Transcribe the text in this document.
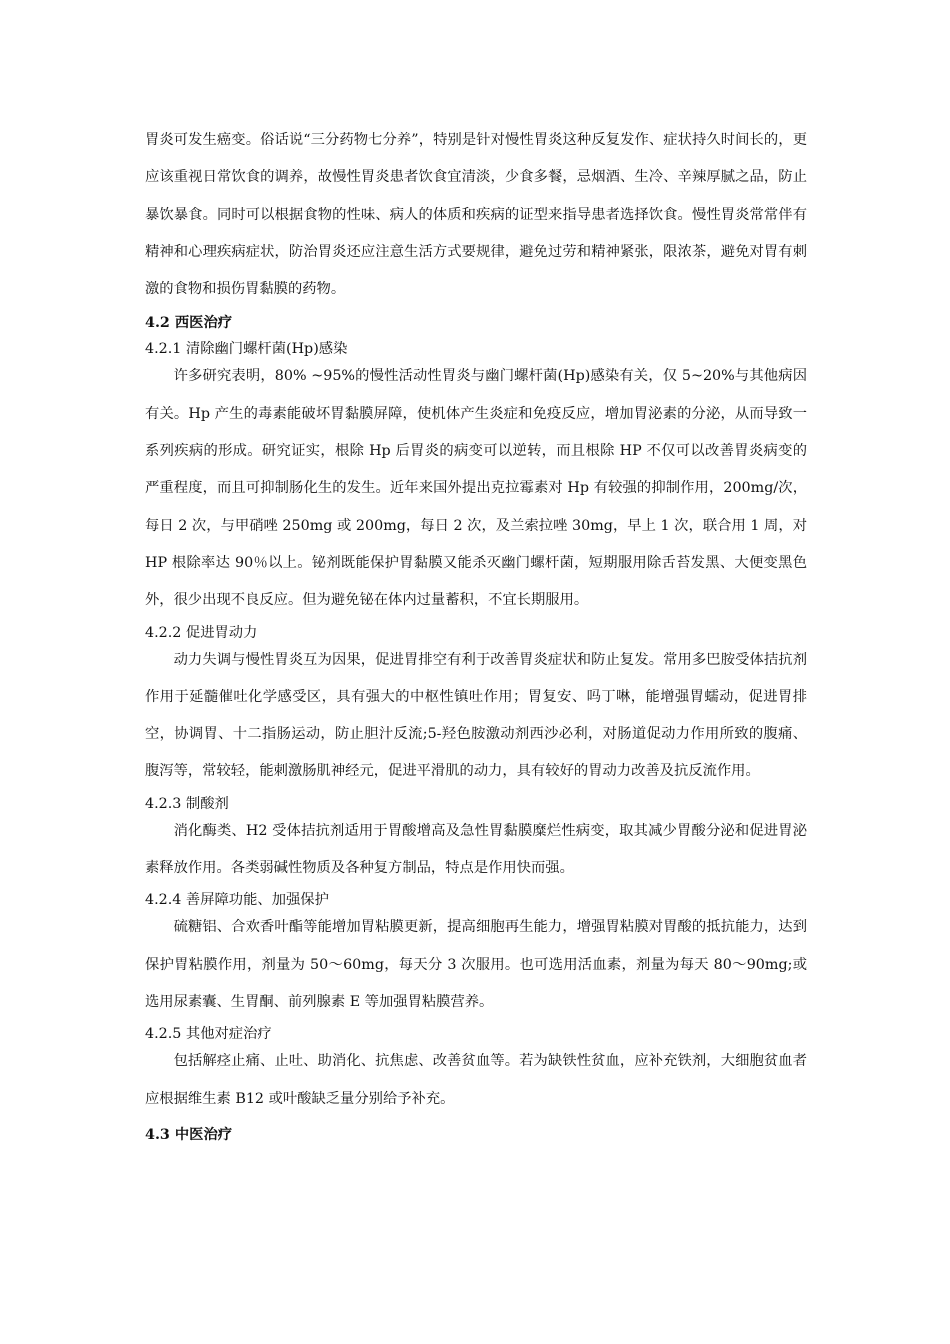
胃炎可发生癌变。俗话说“三分药物七分养”，特别是针对慢性胃炎这种反复发作、症状持久时间长的，更应该重视日常饮食的调养，故慢性胃炎患者饮食宜清淡，少食多餐，忌烟酒、生冷、辛辣厚腻之品，防止暴饮暴食。同时可以根据食物的性味、病人的体质和疾病的证型来指导患者选择饮食。慢性胃炎常常伴有精神和心理疾病症状，防治胃炎还应注意生活方式要规律，避免过劳和精神紧张，限浓茶，避免对胃有刺激的食物和损伤胃黏膜的药物。

4.2 西医治疗

4.2.1 清除幽门螺杆菌(Hp)感染

许多研究表明，80% ~95%的慢性活动性胃炎与幽门螺杆菌(Hp)感染有关，仅 5~20%与其他病因有关。Hp 产生的毒素能破坏胃黏膜屏障，使机体产生炎症和免疫反应，增加胃泌素的分泌，从而导致一系列疾病的形成。研究证实，根除 Hp 后胃炎的病变可以逆转，而且根除 HP 不仅可以改善胃炎病变的严重程度，而且可抑制肠化生的发生。近年来国外提出克拉霉素对 Hp 有较强的抑制作用，200mg/次，每日 2 次，与甲硝唑 250mg 或 200mg，每日 2 次，及兰索拉唑 30mg，早上 1 次，联合用 1 周，对 HP 根除率达 90％以上。铋剂既能保护胃黏膜又能杀灭幽门螺杆菌，短期服用除舌苔发黑、大便变黑色外，很少出现不良反应。但为避免铋在体内过量蓄积，不宜长期服用。

4.2.2 促进胃动力

动力失调与慢性胃炎互为因果，促进胃排空有利于改善胃炎症状和防止复发。常用多巴胺受体拮抗剂作用于延髓催吐化学感受区，具有强大的中枢性镇吐作用；胃复安、吗丁啉，能增强胃蠕动，促进胃排空，协调胃、十二指肠运动，防止胆汁反流;5-羟色胺激动剂西沙必利，对肠道促动力作用所致的腹痛、腹泻等，常较轻，能刺激肠肌神经元，促进平滑肌的动力，具有较好的胃动力改善及抗反流作用。

4.2.3 制酸剂

消化酶类、H2 受体拮抗剂适用于胃酸增高及急性胃黏膜糜烂性病变，取其减少胃酸分泌和促进胃泌素释放作用。各类弱碱性物质及各种复方制品，特点是作用快而强。

4.2.4 善屏障功能、加强保护

硫糖铝、合欢香叶酯等能增加胃粘膜更新，提高细胞再生能力，增强胃粘膜对胃酸的抵抗能力，达到保护胃粘膜作用，剂量为 50～60mg，每天分 3 次服用。也可选用活血素，剂量为每天 80～90mg;或选用尿素囊、生胃酮、前列腺素 E 等加强胃粘膜营养。

4.2.5 其他对症治疗

包括解痉止痛、止吐、助消化、抗焦虑、改善贫血等。若为缺铁性贫血，应补充铁剂，大细胞贫血者应根据维生素 B12 或叶酸缺乏量分别给予补充。

4.3 中医治疗
